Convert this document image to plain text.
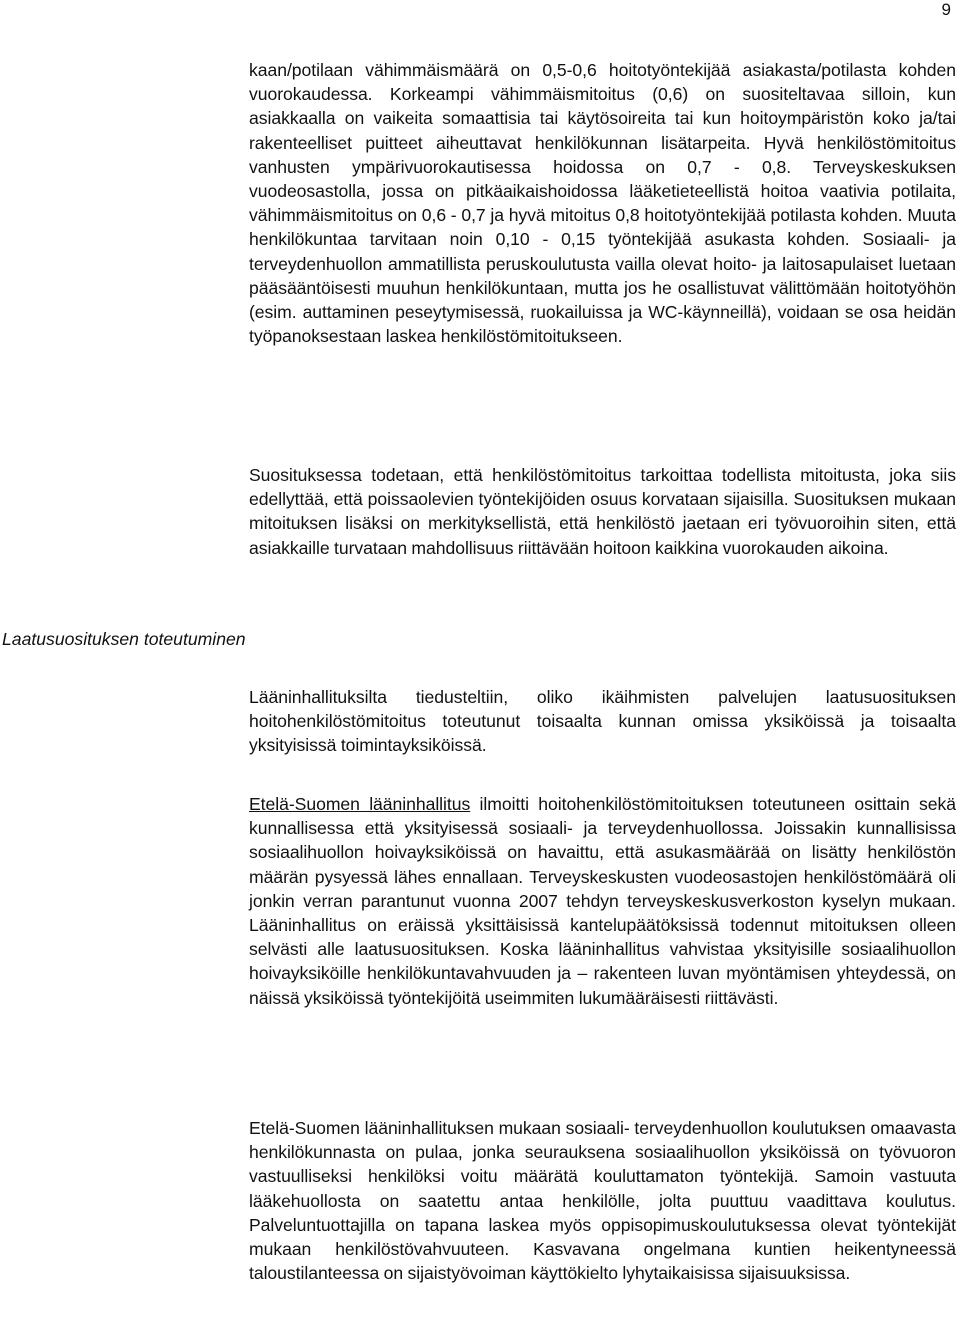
9

kaan/potilaan vähimmäismäärä on 0,5-0,6 hoitotyöntekijää asiakasta/potilasta kohden vuorokaudessa. Korkeampi vähimmäismitoitus (0,6) on suositeltavaa silloin, kun asiakkaalla on vaikeita somaattisia tai käytösoireita tai kun hoitoympäristön koko ja/tai rakenteelliset puitteet aiheuttavat henkilökunnan lisätarpeita. Hyvä henkilöstömitoitus vanhusten ympärivuorokautisessa hoidossa on 0,7 - 0,8. Terveyskeskuksen vuodeosastolla, jossa on pitkäaikaishoidossa lääketieteellistä hoitoa vaativia potilaita, vähimmäismitoitus on 0,6 - 0,7 ja hyvä mitoitus 0,8 hoitotyöntekijää potilasta kohden. Muuta henkilökuntaa tarvitaan noin 0,10 - 0,15 työntekijää asukasta kohden. Sosiaali- ja terveydenhuollon ammatillista peruskoulutusta vailla olevat hoito- ja laitosapulaiset luetaan pääsääntöisesti muuhun henkilökuntaan, mutta jos he osallistuvat välittömään hoitotyöhön (esim. auttaminen peseytymisessä, ruokailuissa ja WC-käynneillä), voidaan se osa heidän työpanoksestaan laskea henkilöstömitoitukseen.

Suosituksessa todetaan, että henkilöstömitoitus tarkoittaa todellista mitoitusta, joka siis edellyttää, että poissaolevien työntekijöiden osuus korvataan sijaisilla. Suosituksen mukaan mitoituksen lisäksi on merkityksellistä, että henkilöstö jaetaan eri työvuoroihin siten, että asiakkaille turvataan mahdollisuus riittävään hoitoon kaikkina vuorokauden aikoina.

Laatusuosituksen toteutuminen

Lääninhallituksilta tiedusteltiin, oliko ikäihmisten palvelujen laatusuosituksen hoitohenkilöstömitoitus toteutunut toisaalta kunnan omissa yksiköissä ja toisaalta yksityisissä toimintayksiköissä.

Etelä-Suomen lääninhallitus ilmoitti hoitohenkilöstömitoituksen toteutuneen osittain sekä kunnallisessa että yksityisessä sosiaali- ja terveydenhuollossa. Joissakin kunnallisissa sosiaalihuollon hoivayksiköissä on havaittu, että asukasmäärää on lisätty henkilöstön määrän pysyessä lähes ennallaan. Terveyskeskusten vuodeosastojen henkilöstömäärä oli jonkin verran parantunut vuonna 2007 tehdyn terveyskeskusverkoston kyselyn mukaan. Lääninhallitus on eräissä yksittäisissä kantelupäätöksissä todennut mitoituksen olleen selvästi alle laatusuosituksen. Koska lääninhallitus vahvistaa yksityisille sosiaalihuollon hoivayksiköille henkilökuntavahvuuden ja – rakenteen luvan myöntämisen yhteydessä, on näissä yksiköissä työntekijöitä useimmiten lukumääräisesti riittävästi.

Etelä-Suomen lääninhallituksen mukaan sosiaali- terveydenhuollon koulutuksen omaavasta henkilökunnasta on pulaa, jonka seurauksena sosiaalihuollon yksiköissä on työvuoron vastuulliseksi henkilöksi voitu määrätä kouluttamaton työntekijä. Samoin vastuuta lääkehuollosta on saatettu antaa henkilölle, jolta puuttuu vaadittava koulutus. Palveluntuottajilla on tapana laskea myös oppisopimuskoulutuksessa olevat työntekijät mukaan henkilöstövahvuuteen. Kasvavana ongelmana kuntien heikentyneessä taloustilanteessa on sijaistyövoiman käyttökielto lyhytaikaisissa sijaisuuksissa.
